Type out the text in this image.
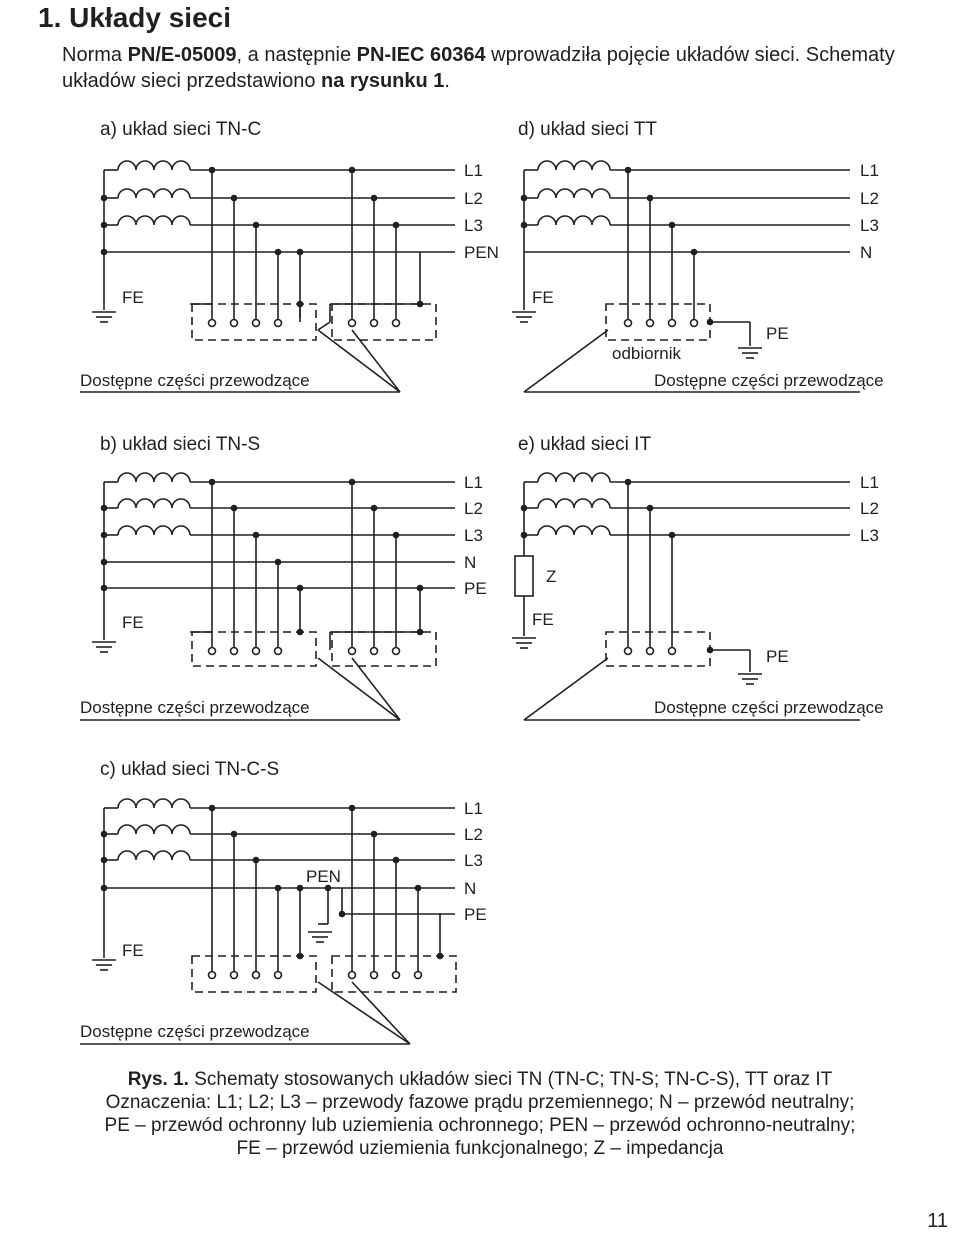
1. Układy sieci
Norma PN/E-05009, a następnie PN-IEC 60364 wprowadziła pojęcie układów sieci. Schematy układów sieci przedstawiono na rysunku 1.
a) układ sieci TN-C
L1
L2
L3
PEN
FE
Dostępne części przewodzące
d) układ sieci TT
L1
L2
L3
N
FE
PE
odbiornik
Dostępne części przewodzące
b) układ sieci TN-S
L1
L2
L3
N
PE
FE
Dostępne części przewodzące
e) układ sieci IT
L1
L2
L3
Z
FE
PE
Dostępne części przewodzące
c) układ sieci TN-C-S
L1
L2
L3
N
PE
PEN
FE
Dostępne części przewodzące
Rys. 1. Schematy stosowanych układów sieci TN (TN-C; TN-S; TN-C-S), TT oraz IT
Oznaczenia: L1; L2; L3 – przewody fazowe prądu przemiennego; N – przewód neutralny;
PE – przewód ochronny lub uziemienia ochronnego; PEN – przewód ochronno-neutralny;
FE – przewód uziemienia funkcjonalnego; Z – impedancja
11
